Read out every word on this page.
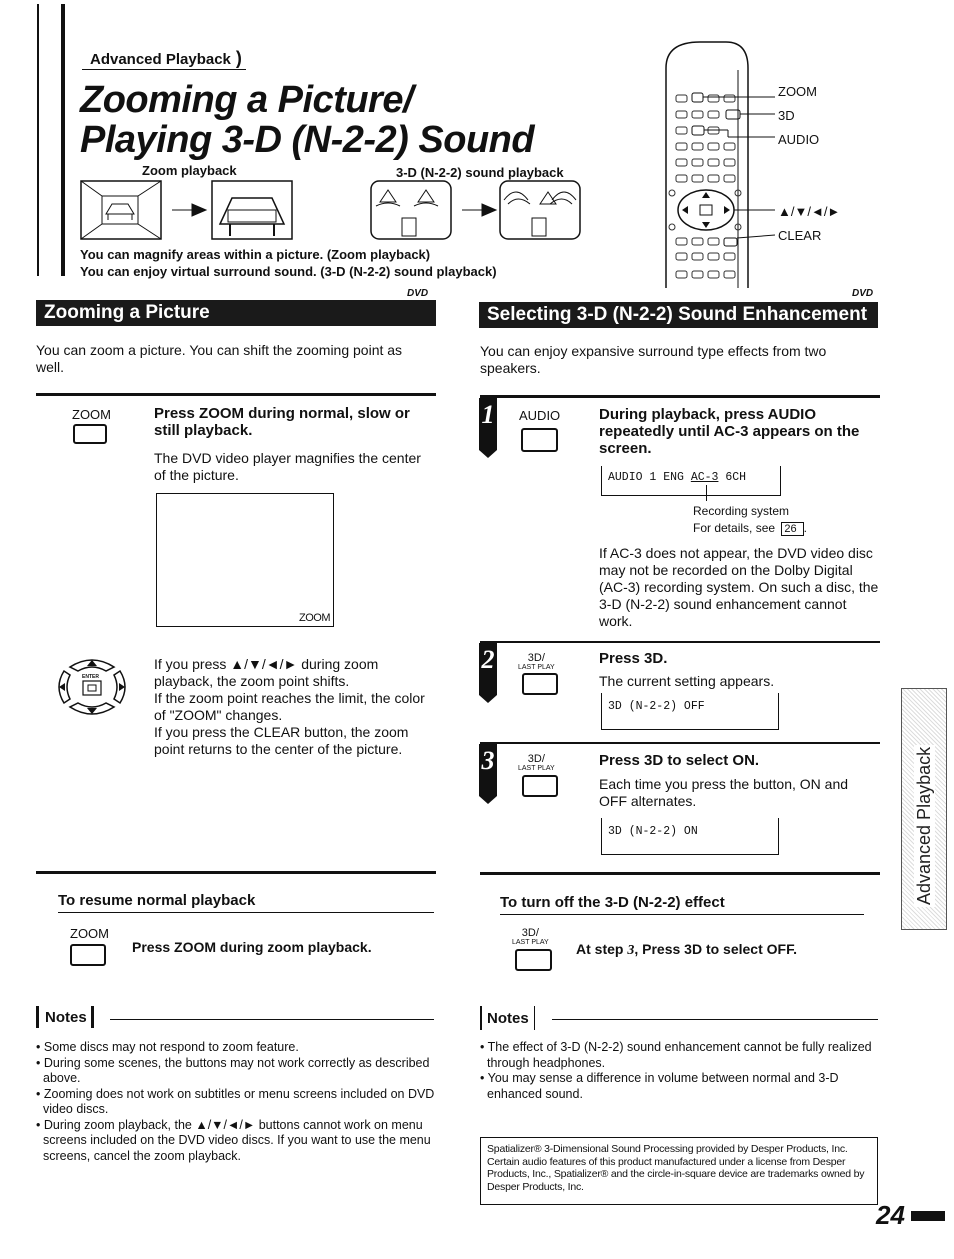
Advanced Playback )
Zooming a Picture/
Playing 3-D (N-2-2) Sound
Zoom playback	3-D (N-2-2) sound playback
You can magnify areas within a picture. (Zoom playback)
You can enjoy virtual surround sound. (3-D (N-2-2) sound playback)
ZOOM
3D
AUDIO
▲/▼/◄/►
CLEAR
DVD
Zooming a Picture
You can zoom a picture. You can shift the zooming point as well.
ZOOM	Press ZOOM during normal, slow or still playback.
The DVD video player magnifies the center of the picture.
ZOOM
ENTER
If you press ▲/▼/◄/► during zoom playback, the zoom point shifts.
If the zoom point reaches the limit, the color of "ZOOM" changes.
If you press the CLEAR button, the zoom point returns to the center of the picture.
To resume normal playback
ZOOM
Press ZOOM during zoom playback.
Notes
• Some discs may not respond to zoom feature.
• During some scenes, the buttons may not work correctly as described above.
• Zooming does not work on subtitles or menu screens included on DVD video discs.
• During zoom playback, the ▲/▼/◄/► buttons cannot work on menu screens included on the DVD video discs. If you want to use the menu screens, cancel the zoom playback.
DVD
Selecting 3-D (N-2-2) Sound Enhancement
You can enjoy expansive surround type effects from two speakers.
1 AUDIO	During playback, press AUDIO repeatedly until AC-3 appears on the screen.
AUDIO 1 ENG AC-3 6CH
Recording system
For details, see 26 .
If AC-3 does not appear, the DVD video disc may not be recorded on the Dolby Digital (AC-3) recording system. On such a disc, the 3-D (N-2-2) sound enhancement cannot work.
2	3D/
LAST PLAY
Press 3D.
The current setting appears.
3D (N-2-2) OFF
3	3D/
LAST PLAY	Press 3D to select ON.
Each time you press the button, ON and OFF alternates.
3D (N-2-2) ON
To turn off the 3-D (N-2-2) effect
3D/
LAST PLAY At step 3, Press 3D to select OFF.
Notes
• The effect of 3-D (N-2-2) sound enhancement cannot be fully realized through headphones.
• You may sense a difference in volume between normal and 3-D enhanced sound.
Spatializer® 3-Dimensional Sound Processing provided by Desper Products, Inc. Certain audio features of this product manufactured under a license from Desper Products, Inc., Spatializer® and the circle-in-square device are trademarks owned by Desper Products, Inc.
Advanced Playback
24
